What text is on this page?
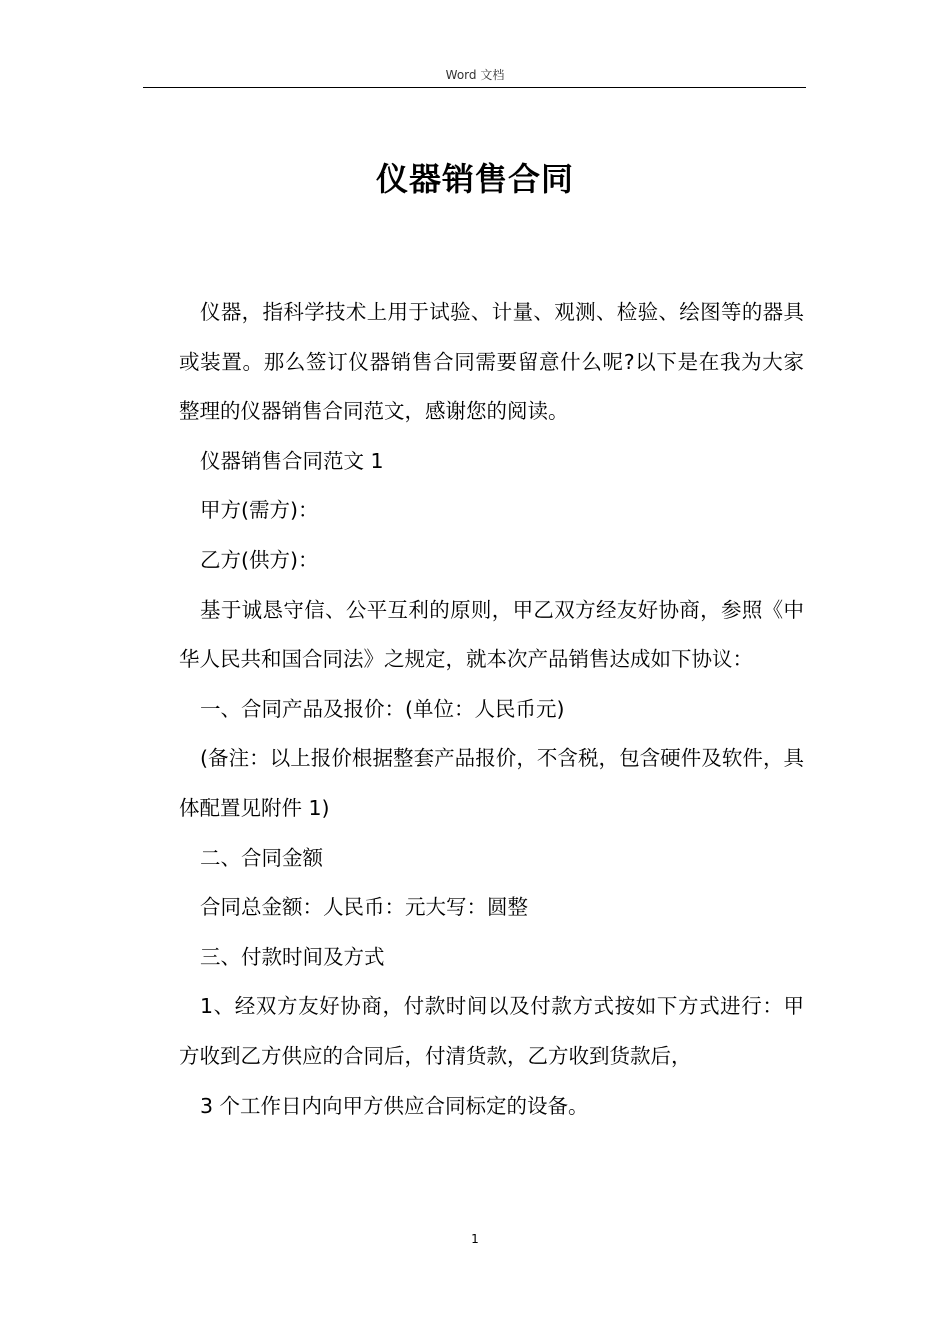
Word 文档
仪器销售合同

仪器，指科学技术上用于试验、计量、观测、检验、绘图等的器具或装置。那么签订仪器销售合同需要留意什么呢?以下是在我为大家整理的仪器销售合同范文，感谢您的阅读。

仪器销售合同范文 1

甲方(需方)：

乙方(供方)：

基于诚恳守信、公平互利的原则，甲乙双方经友好协商，参照《中华人民共和国合同法》之规定，就本次产品销售达成如下协议：

一、合同产品及报价：(单位：人民币元)

(备注：以上报价根据整套产品报价，不含税，包含硬件及软件，具体配置见附件 1)

二、合同金额

合同总金额：人民币：元大写：圆整

三、付款时间及方式

1、经双方友好协商，付款时间以及付款方式按如下方式进行：甲方收到乙方供应的合同后，付清货款，乙方收到货款后，

3 个工作日内向甲方供应合同标定的设备。

1
